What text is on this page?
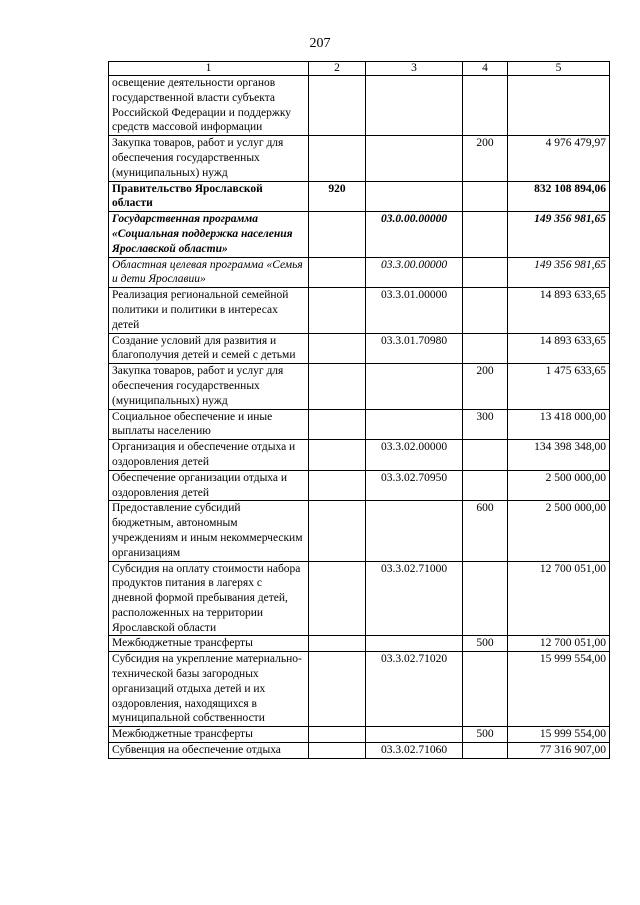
207
1	2	3	4	5
освещение деятельности органов государственной власти субъекта Российской Федерации и поддержку средств массовой информации				
Закупка товаров, работ и услуг для обеспечения государственных (муниципальных) нужд			200	4 976 479,97
Правительство Ярославской области	920			832 108 894,06
Государственная программа «Социальная поддержка населения Ярославской области»		03.0.00.00000		149 356 981,65
Областная целевая программа «Семья и дети Ярославии»		03.3.00.00000		149 356 981,65
Реализация региональной семейной политики и политики в интересах детей		03.3.01.00000		14 893 633,65
Создание условий для развития и благополучия детей и семей с детьми		03.3.01.70980		14 893 633,65
Закупка товаров, работ и услуг для обеспечения государственных (муниципальных) нужд			200	1 475 633,65
Социальное обеспечение и иные выплаты населению			300	13 418 000,00
Организация и обеспечение отдыха и оздоровления детей		03.3.02.00000		134 398 348,00
Обеспечение организации отдыха и оздоровления детей		03.3.02.70950		2 500 000,00
Предоставление субсидий бюджетным, автономным учреждениям и иным некоммерческим организациям			600	2 500 000,00
Субсидия на оплату стоимости набора продуктов питания в лагерях с дневной формой пребывания детей, расположенных на территории Ярославской области		03.3.02.71000		12 700 051,00
Межбюджетные трансферты			500	12 700 051,00
Субсидия на укрепление материально-технической базы загородных организаций отдыха детей и их оздоровления, находящихся в муниципальной собственности		03.3.02.71020		15 999 554,00
Межбюджетные трансферты			500	15 999 554,00
Субвенция на обеспечение отдыха		03.3.02.71060		77 316 907,00
